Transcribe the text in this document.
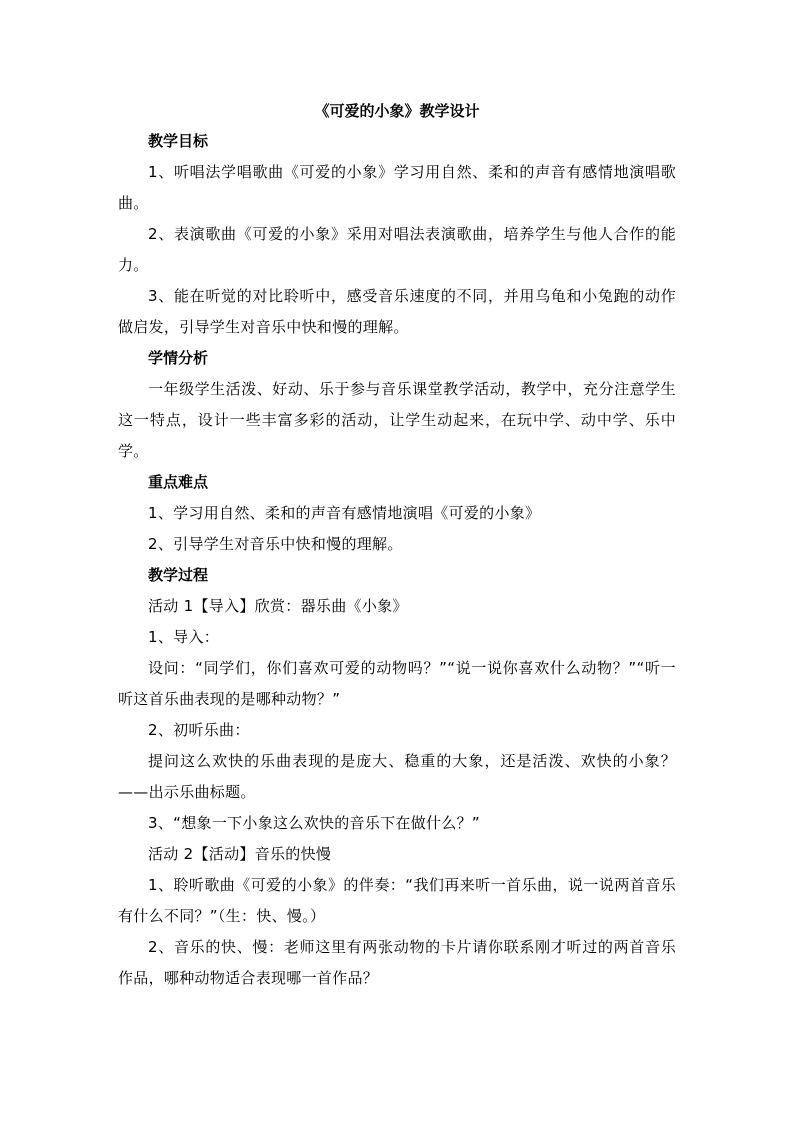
《可爱的小象》教学设计

教学目标

1、听唱法学唱歌曲《可爱的小象》学习用自然、柔和的声音有感情地演唱歌曲。

2、表演歌曲《可爱的小象》采用对唱法表演歌曲，培养学生与他人合作的能力。

3、能在听觉的对比聆听中，感受音乐速度的不同，并用乌龟和小兔跑的动作做启发，引导学生对音乐中快和慢的理解。

学情分析

一年级学生活泼、好动、乐于参与音乐课堂教学活动，教学中，充分注意学生这一特点，设计一些丰富多彩的活动，让学生动起来，在玩中学、动中学、乐中学。

重点难点

1、学习用自然、柔和的声音有感情地演唱《可爱的小象》

2、引导学生对音乐中快和慢的理解。

教学过程

活动 1【导入】欣赏：器乐曲《小象》

1、导入：

设问：“同学们，你们喜欢可爱的动物吗？”“说一说你喜欢什么动物？”“听一听这首乐曲表现的是哪种动物？”

2、初听乐曲：

提问这么欢快的乐曲表现的是庞大、稳重的大象，还是活泼、欢快的小象？——出示乐曲标题。

3、“想象一下小象这么欢快的音乐下在做什么？”

活动 2【活动】音乐的快慢

1、聆听歌曲《可爱的小象》的伴奏：“我们再来听一首乐曲，说一说两首音乐有什么不同？”（生：快、慢。）

2、音乐的快、慢：老师这里有两张动物的卡片请你联系刚才听过的两首音乐作品，哪种动物适合表现哪一首作品？
